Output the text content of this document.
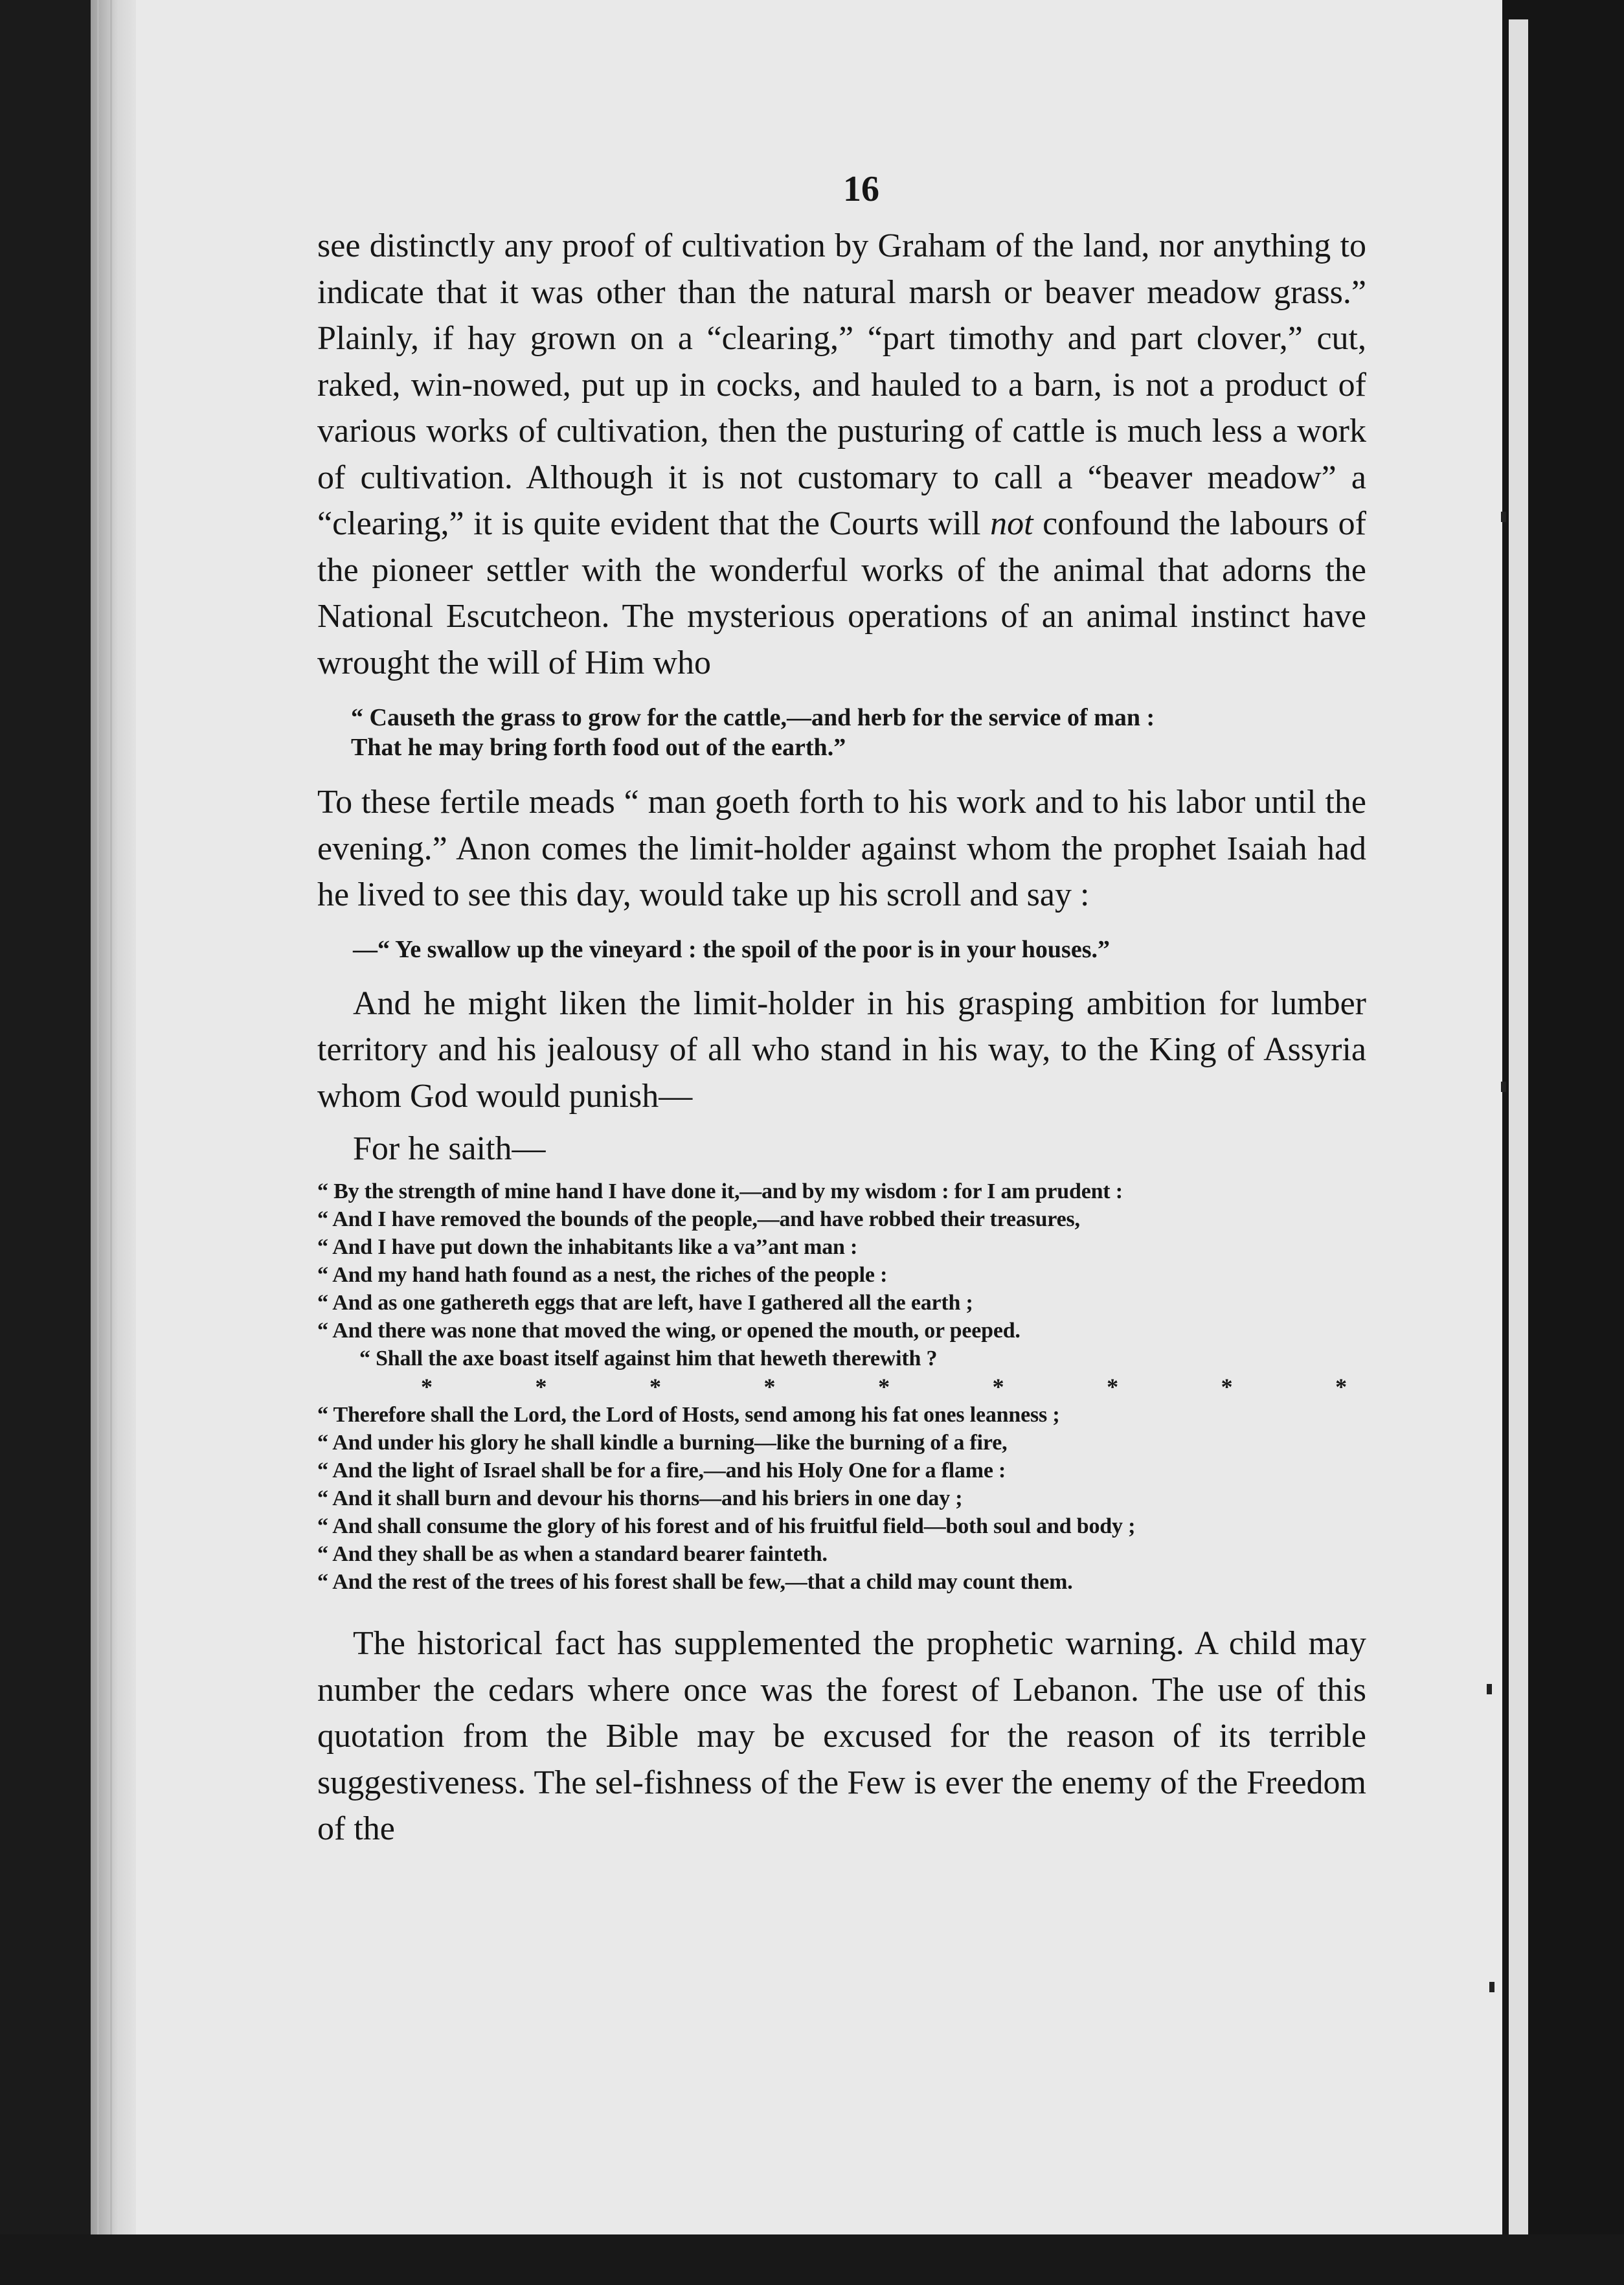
16

see distinctly any proof of cultivation by Graham of the land, nor anything to indicate that it was other than the natural marsh or beaver meadow grass.” Plainly, if hay grown on a “clearing,” “part timothy and part clover,” cut, raked, win-nowed, put up in cocks, and hauled to a barn, is not a product of various works of cultivation, then the pusturing of cattle is much less a work of cultivation. Although it is not customary to call a “beaver meadow” a “clearing,” it is quite evident that the Courts will not confound the labours of the pioneer settler with the wonderful works of the animal that adorns the National Escutcheon. The mysterious operations of an animal instinct have wrought the will of Him who

“ Causeth the grass to grow for the cattle,—and herb for the service of man :
That he may bring forth food out of the earth.”

To these fertile meads “ man goeth forth to his work and to his labor until the evening.” Anon comes the limit-holder against whom the prophet Isaiah had he lived to see this day, would take up his scroll and say :

—“ Ye swallow up the vineyard : the spoil of the poor is in your houses.”

And he might liken the limit-holder in his grasping ambition for lumber territory and his jealousy of all who stand in his way, to the King of Assyria whom God would punish—

For he saith—
“ By the strength of mine hand I have done it,—and by my wisdom : for I am prudent :
“ And I have removed the bounds of the people,—and have robbed their treasures,
“ And I have put down the inhabitants like a va’’ant man :
“ And my hand hath found as a nest, the riches of the people :
“ And as one gathereth eggs that are left, have I gathered all the earth ;
“ And there was none that moved the wing, or opened the mouth, or peeped.
“ Shall the axe boast itself against him that heweth therewith ?
*	*	*	*	*	*	*	*	*
“ Therefore shall the Lord, the Lord of Hosts, send among his fat ones leanness ;
“ And under his glory he shall kindle a burning—like the burning of a fire,
“ And the light of Israel shall be for a fire,—and his Holy One for a flame :
“ And it shall burn and devour his thorns—and his briers in one day ;
“ And shall consume the glory of his forest and of his fruitful field—both soul and body ;
“ And they shall be as when a standard bearer fainteth.
“ And the rest of the trees of his forest shall be few,—that a child may count them.

The historical fact has supplemented the prophetic warning. A child may number the cedars where once was the forest of Lebanon. The use of this quotation from the Bible may be excused for the reason of its terrible suggestiveness. The sel-fishness of the Few is ever the enemy of the Freedom of the
